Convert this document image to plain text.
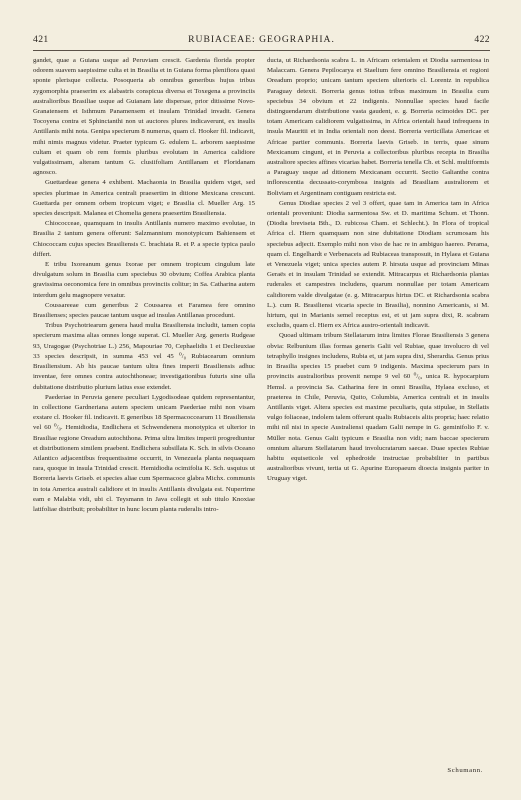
421	RUBIACEAE: GEOGRAPHIA.	422

gandet, quae a Guiana usque ad Peruviam crescit. Gardenia florida propter odorem suavem saepissime culta et in Brasilia et in Guiana forma plenifiora quasi sponte plerisque collecta. Posoqueria ab omnibus generibus hujus tribus zygomorphia praeserim ex alabastris conspicua diversa et Toxegena a provinciis australioribus Brasiliae usque ad Guianam late dispersae, prior ditissime Novo-Granatensem et Isthmum Panamensem et insulam Trinidad invadit. Genera Tocoyena contra et Sphinctanthi non ut auctores plures indicaverunt, ex insulis Antillanis mihi nota. Genipa specierum 8 numerus, quam cl. Hooker fil. indicavit, mihi nimis magnus videtur. Praeter typicum G. edulem L. arborem saepissime cultam et quam ob rem formis pluribus evolutam in America calidiore vulgatissimam, alteram tantum G. clusiifoliam Antillanam et Floridanam agnosco.

Guettardeae genera 4 exhibent. Machaonia in Brasilia quidem viget, sed species plurimae in America centrali praesertim in ditione Mexicana crescunt. Guettarda per omnem orbem tropicum viget; e Brasilia cl. Mueller Arg. 15 species descripsit. Malanea et Chomelia genera praesertim Brasiliensia.

Chiococceae, quamquam in insulis Antillanis numero maximo evolutae, in Brasilia 2 tantum genera offerunt: Salzmannium monotypicum Bahiensem et Chiococcam cujus species Brasiliensis C. brachiata R. et P. a specie typica paulo differt.

E tribu Ixoreanum genus Ixorae per omnem tropicum cingulum late divulgatum solum in Brasilia cum speciebus 30 obvium; Coffea Arabica planta gravissima oeconomica fere in omnibus provinciis colitur; in Sa. Catharina autem interdum gelu magnopere vexatur.

Coussareeae cum generibus 2 Coussarea et Faramea fere omnino Brasilienses; species paucae tantum usque ad insulas Antillanas procedunt.

Tribus Psychotriearum genera haud multa Brasiliensia includit, tamen copia specierum maxima alias omnes longe superat. Cl. Mueller Arg. generis Rudgeae 93, Uragogae (Psychotriae L.) 256, Mapouriae 70, Cephaelidis 1 et Declieuxiae 33 species descripsit, in summa 453 vel 45 ⁰/₀ Rubiacearum omnium Brasiliensium. Ab his paucae tantum ultra fines imperii Brasiliensis adhuc inventae, fere omnes contra autochthoneae; investigationibus futuris sine ulla dubitatione distributio plurium latius esse extendet.

Paederiae in Peruvia genere peculiari Lygodisodeae quidem representantur, in collectione Gardneriana autem speciem unicam Paederiae mihi non visam exstare cl. Hooker fil. indicavit. E generibus 18 Spermacoccearum 11 Brasiliensia vel 60 ⁰/₀. Hemidiodia, Endlichera et Schwendenera monotypica et ulterior in Brasiliae regione Oreadum autochthona. Prima ultra limites imperii progrediuntur et distributionem similem praebent. Endlichera subsillata K. Sch. in silvis Oceano Atlantico adjacentibus frequentissime occurrit, in Venezuela planta nequaquam rara, quoque in insula Trinidad crescit. Hemidiodia ocimifolia K. Sch. usquius ut Borreria laevis Griseb. et species aliae cum Spermacoce glabra Michx. communis in tota America australi calidiore et in insulis Antillanis divulgata est. Nuperrime eam e Malabia vidi, ubi cl. Teysmann in Java collegit et sub titulo Knoxiae latifoliae distribuit; probabiliter in hunc locum planta ruderalis intro-

ducta, ut Richardsonia scabra L. in Africam orientalem et Diodia sarmentosa in Malaccam. Genera Pepilocarya et Staelium fere omnino Brasiliensia et regioni Oreadum proprio; unicam tantum speciem ulterioris cl. Lorentz in republica Paraguay detexit. Borreria genus totius tribus maximum in Brasilia cum speciebus 34 obvium et 22 indigenis. Nonnullae species haud facile distinguendarum distributione vasta gaudent, e. g. Borreria ocimoides DC. per totam Americam calidiorem vulgatissima, in Africa orientali haud infrequens in insula Mauritii et in India orientali non deest. Borreria verticillata Americae et Africae partier communis. Borreria laevis Griseb. in terris, quae sinum Mexicanum cingunt, et in Peruvia a collectoribus pluribus recepta in Brasilia australiore species affines vicarias habet. Borreria tenella Ch. et Schl. multiformis a Paraguay usque ad ditionem Mexicanam occurrit. Sectio Galianthe contra inflorescentia decussato-corymbosa insignis ad Brasiliam australiorem et Boliviam et Argentinam contiguam restricta est.

Genus Diodiae species 2 vel 3 offert, quae tam in America tam in Africa orientali proveniunt: Diodia sarmentosa Sw. et D. maritima Schum. et Thonn. (Diodia breviseta Bth., D. rubicosa Cham. et Schlecht.). In Flora of tropical Africa cl. Hiern quamquam non sine dubitatione Diodiam scrumosam his speciebus adjecit. Exemplo mihi non viso de hac re in ambiguo haereo. Perama, quam cl. Engelhardt e Verbenaceis ad Rubiaceas transposuit, in Hylaea et Guiana et Venezuela viget; unica species autem P. hirsuta usque ad provinciam Minas Geraës et in insulam Trinidad se extendit. Mitracarpus et Richardsonia plantas ruderales et campestres includens, quarum nonnullae per totam Americam calidiorem valde divulgatae (e. g. Mitracarpus hirtus DC. et Richardsonia scabra L.). cum R. Brasiliensi vicaria specie in Brasilia), nonnino Americanis, si M. hirtum, qui in Marianis semel receptus est, et ut jam supra dixi, R. scabram excludis, quam cl. Hiern ex Africa austro-orientali indicavit.

Quoad ultimam tribum Stellatarum intra limites Florae Brasiliensis 3 genera obvia: Relbunium illas formas generis Galii vel Rubiae, quae involucro di vel tetraphyllo insignes includens, Rubia et, ut jam supra dixi, Sherardia. Genus prius in Brasilia species 15 praebet cum 9 indigenis. Maxima specierum pars in provinciis australioribus provenit nempe 9 vel 60 ⁰/₀, unica R. hypocarpium Hemsl. a provincia Sa. Catharina fere in omni Brasilia, Hylaea excluso, et praeterea in Chile, Peruvia, Quito, Columbia, America centrali et in insulis Antillanis viget. Altera species est maxime peculiaris, quia stipulae, in Stellatis vulgo foliaceae, indolem talem offerunt qualis Rubiaceis aliis propria; haec relatio mihi nil nisi in specie Australiensi quadam Galii nempe in G. geminifolio F. v. Müller nota. Genus Galii typicum e Brasilia non vidi; nam baccae specierum omnium aliarum Stellatarum haud involucratarum saecae. Duae species Rubiae habitu equiseticole vel ephedroide instructae probabiliter in partibus australioribus vivunt, tertia ut G. Apurine Europaeum dioecia insignis pariter in Uruguay viget.

Schumann.
